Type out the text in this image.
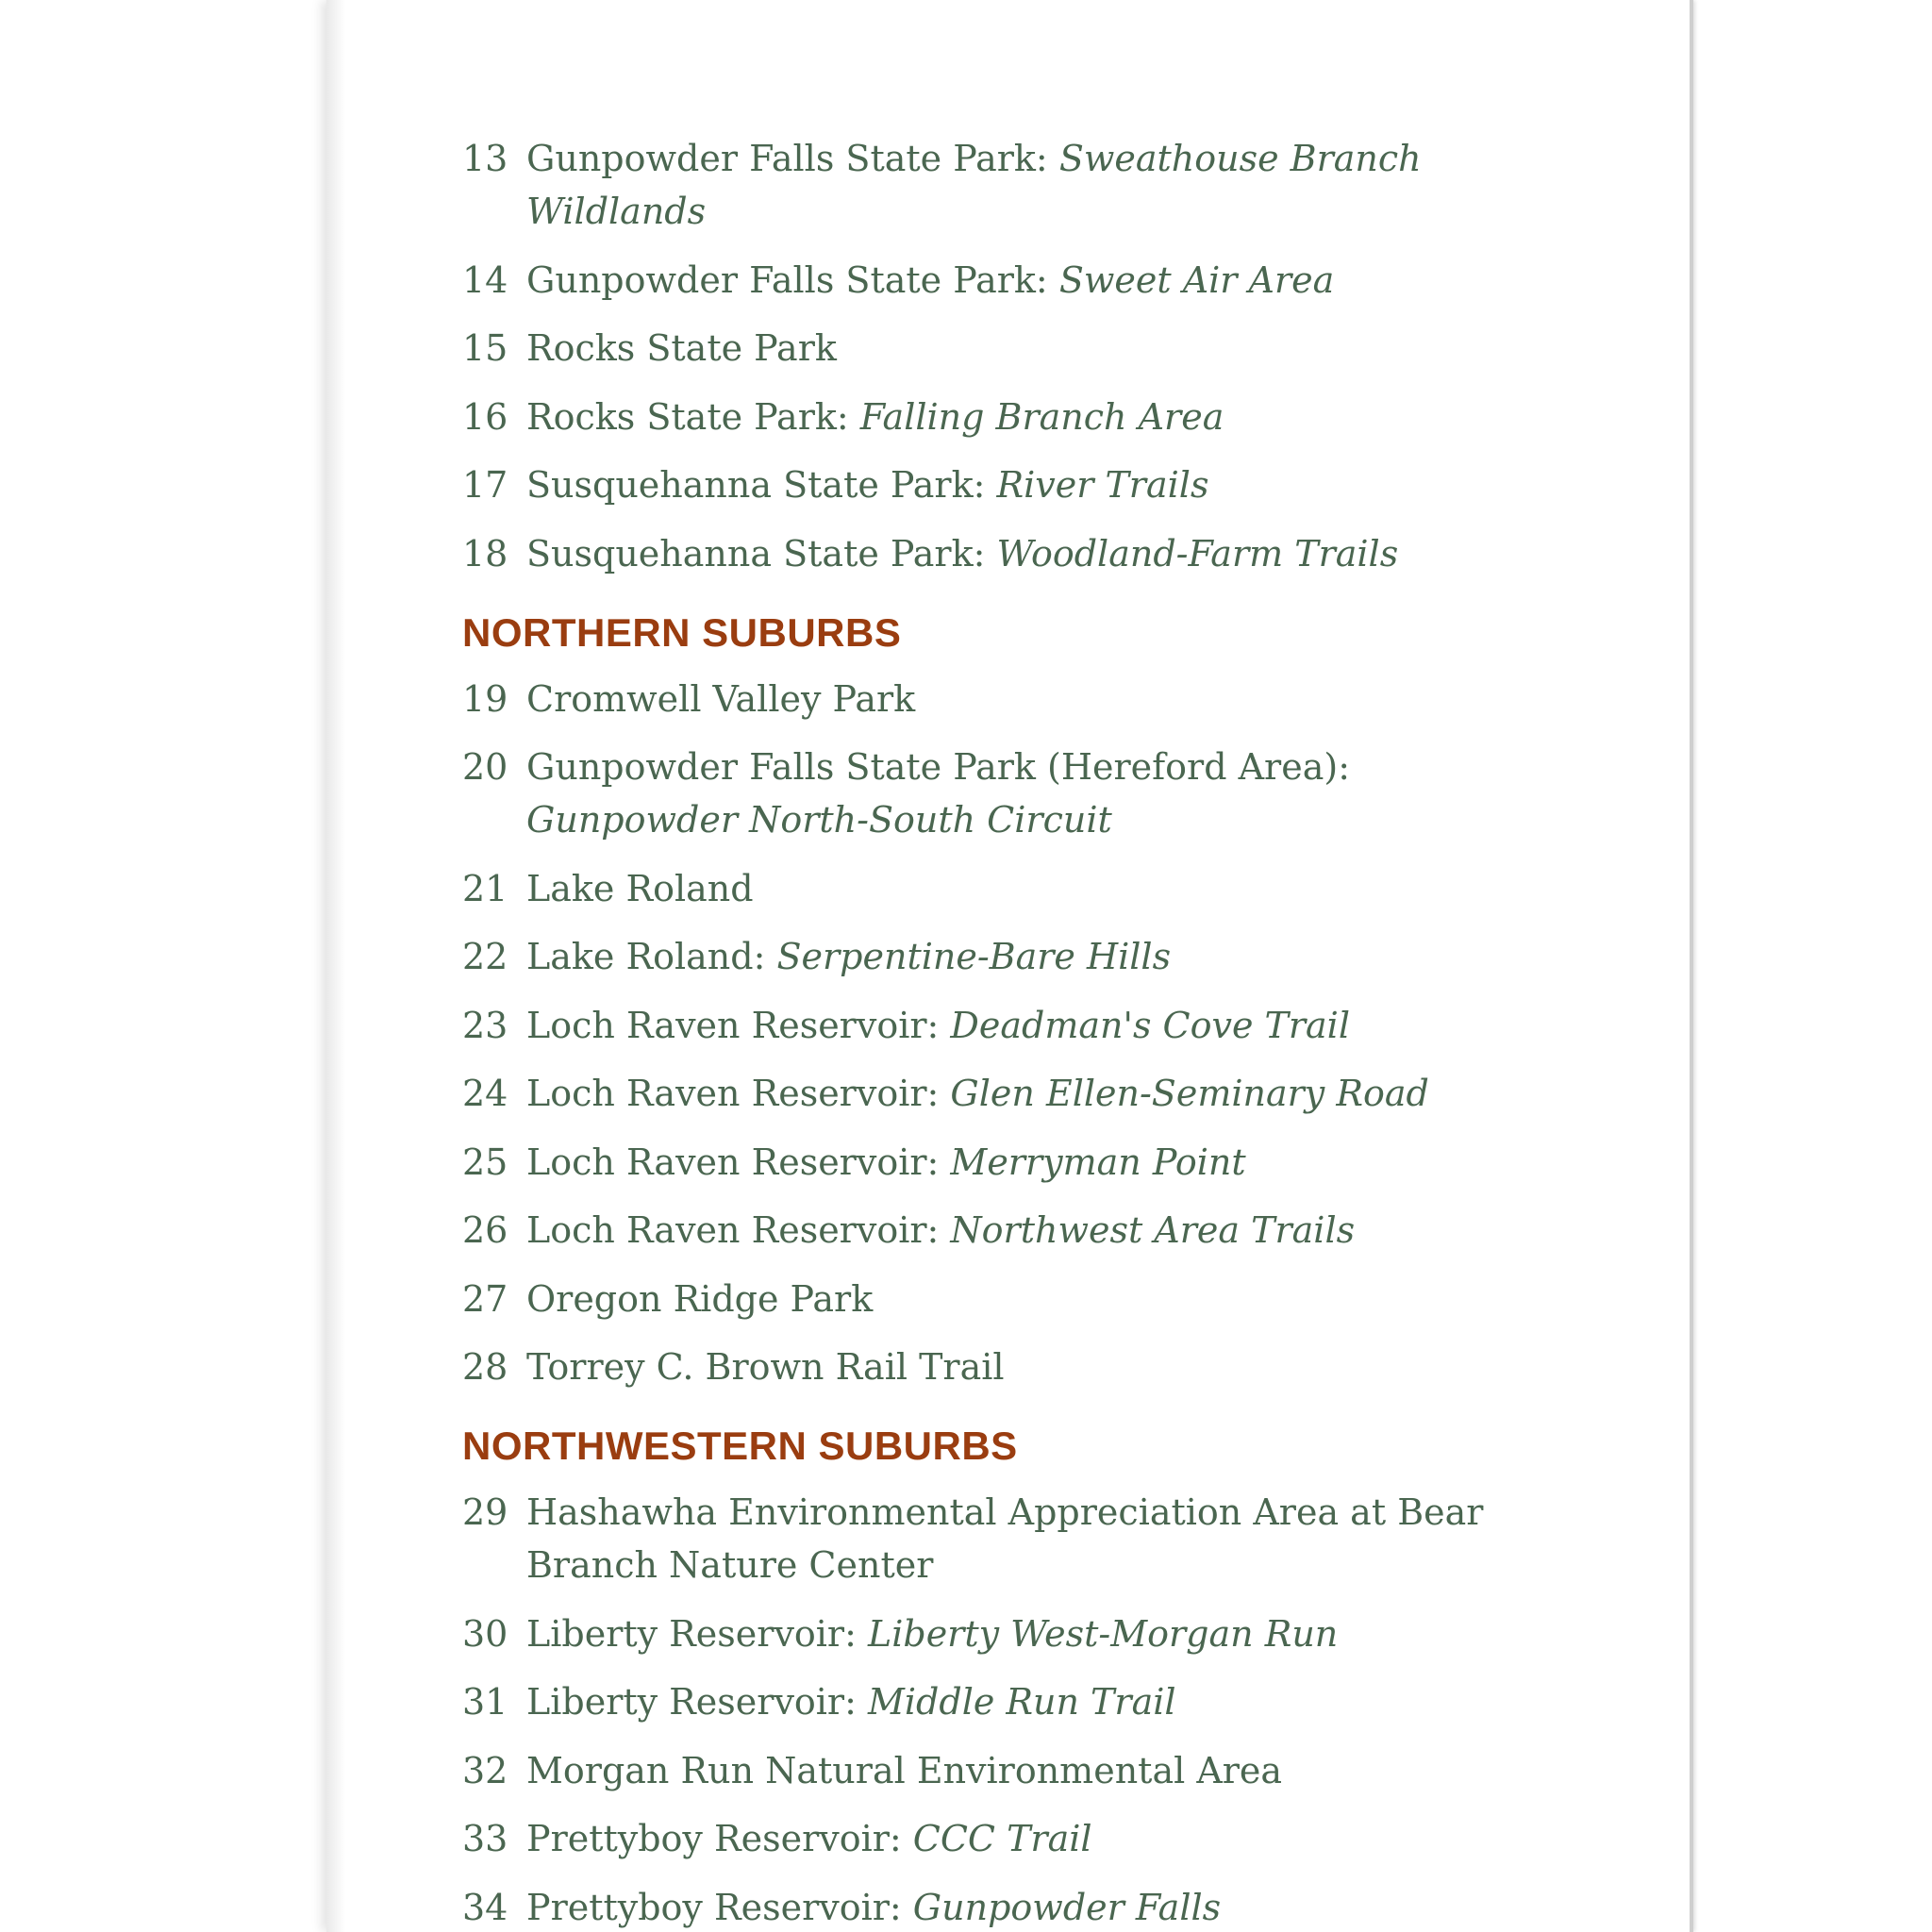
13 Gunpowder Falls State Park: Sweathouse Branch Wildlands
14 Gunpowder Falls State Park: Sweet Air Area
15 Rocks State Park
16 Rocks State Park: Falling Branch Area
17 Susquehanna State Park: River Trails
18 Susquehanna State Park: Woodland-Farm Trails
NORTHERN SUBURBS
19 Cromwell Valley Park
20 Gunpowder Falls State Park (Hereford Area): Gunpowder North-South Circuit
21 Lake Roland
22 Lake Roland: Serpentine-Bare Hills
23 Loch Raven Reservoir: Deadman's Cove Trail
24 Loch Raven Reservoir: Glen Ellen-Seminary Road
25 Loch Raven Reservoir: Merryman Point
26 Loch Raven Reservoir: Northwest Area Trails
27 Oregon Ridge Park
28 Torrey C. Brown Rail Trail
NORTHWESTERN SUBURBS
29 Hashawha Environmental Appreciation Area at Bear Branch Nature Center
30 Liberty Reservoir: Liberty West-Morgan Run
31 Liberty Reservoir: Middle Run Trail
32 Morgan Run Natural Environmental Area
33 Prettyboy Reservoir: CCC Trail
34 Prettyboy Reservoir: Gunpowder Falls
